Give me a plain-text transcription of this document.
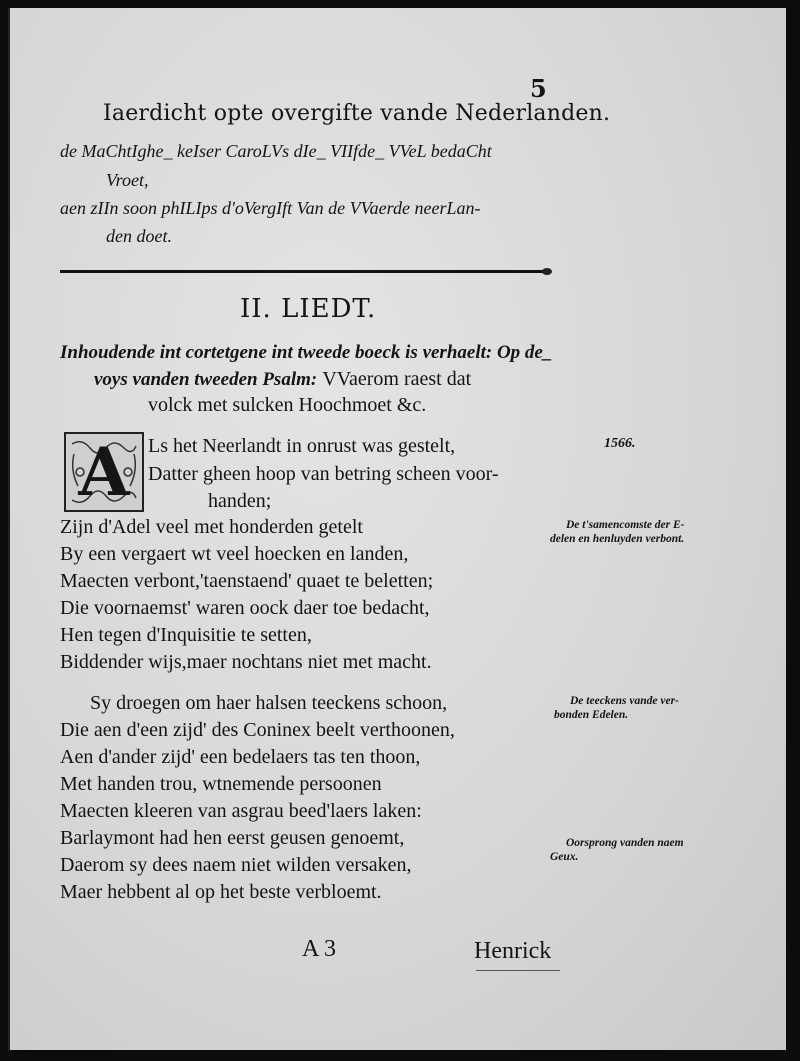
5
Iaerdicht opte overgifte vande Nederlanden.
de MaChtIghe_ keIser CaroLVs dIe_ VIIfde_ VVeL bedaCht
Vroet,
aen zIIn soon phILIps d'oVergIft Van de VVaerde neerLan-
den doet.
II. LIEDT.
Inhoudende int cortetgene int tweede boeck is verhaelt: Op de_
voys vanden tweeden Psalm: VVaerom raest dat
volck met sulcken Hoochmoet &c.
A Ls het Neerlandt in onrust was gestelt,
Datter gheen hoop van betring scheen voor-
handen;
Zijn d'Adel veel met honderden getelt
By een vergaert wt veel hoecken en landen,
Maecten verbont,'taenstaend' quaet te beletten;
Die voornaemst' waren oock daer toe bedacht,
Hen tegen d'Inquisitie te setten,
Biddender wijs,maer nochtans niet met macht.
Sy droegen om haer halsen teeckens schoon,
Die aen d'een zijd' des Coninex beelt verthoonen,
Aen d'ander zijd' een bedelaers tas ten thoon,
Met handen trou, wtnemende persoonen
Maecten kleeren van asgrau beed'laers laken:
Barlaymont had hen eerst geusen genoemt,
Daerom sy dees naem niet wilden versaken,
Maer hebbent al op het beste verbloemt.
1566.
De t'samencomste der E-
delen en henluyden verbont.
De teeckens vande ver-
bonden Edelen.
Oorsprong vanden naem
Geux.
A 3	Henrick
